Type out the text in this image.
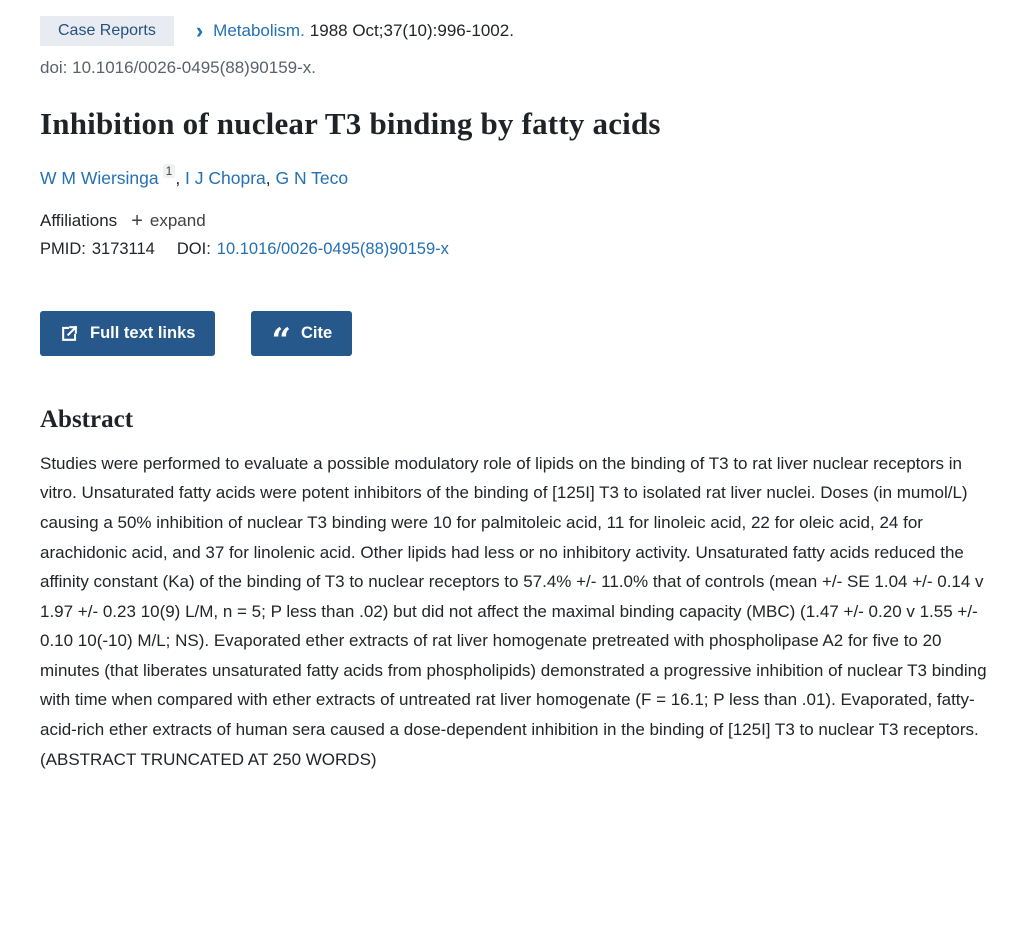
Case Reports	› Metabolism. 1988 Oct;37(10):996-1002.
doi: 10.1016/0026-0495(88)90159-x.
Inhibition of nuclear T3 binding by fatty acids
W M Wiersinga $^1$ , I J Chopra, G N Teco
Affiliations + expand
PMID: 3173114 DOI: 10.1016/0026-0495(88)90159-x
Full text links “ Cite
Abstract

Studies were performed to evaluate a possible modulatory role of lipids on the binding of T3 to rat liver nuclear receptors in vitro. Unsaturated fatty acids were potent inhibitors of the binding of [125I] T3 to isolated rat liver nuclei. Doses (in mumol/L) causing a 50% inhibition of nuclear T3 binding were 10 for palmitoleic acid, 11 for linoleic acid, 22 for oleic acid, 24 for arachidonic acid, and 37 for linolenic acid. Other lipids had less or no inhibitory activity. Unsaturated fatty acids reduced the affinity constant (Ka) of the binding of T3 to nuclear receptors to 57.4% +/- 11.0% that of controls (mean +/- SE 1.04 +/- 0.14 v 1.97 +/- 0.23 10(9) L/M, n = 5; P less than .02) but did not affect the maximal binding capacity (MBC) (1.47 +/- 0.20 v 1.55 +/- 0.10 10(-10) M/L; NS). Evaporated ether extracts of rat liver homogenate pretreated with phospholipase A2 for five to 20 minutes (that liberates unsaturated fatty acids from phospholipids) demonstrated a progressive inhibition of nuclear T3 binding with time when compared with ether extracts of untreated rat liver homogenate (F = 16.1; P less than .01). Evaporated, fatty-acid-rich ether extracts of human sera caused a dose-dependent inhibition in the binding of [125I] T3 to nuclear T3 receptors.(ABSTRACT TRUNCATED AT 250 WORDS)
